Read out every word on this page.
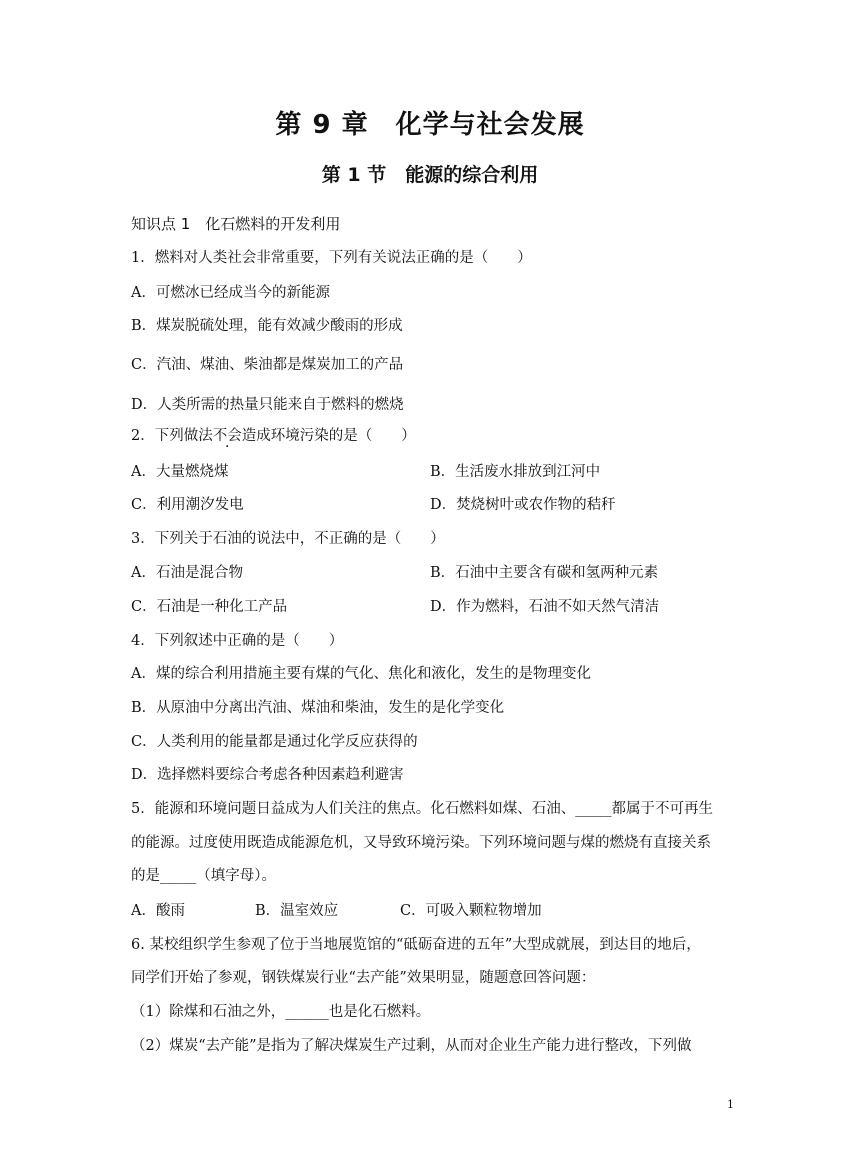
第 9 章　化学与社会发展
第 1 节　能源的综合利用
知识点 1　化石燃料的开发利用
1．燃料对人类社会非常重要，下列有关说法正确的是（　　）
A．可燃冰已经成当今的新能源
B．煤炭脱硫处理，能有效减少酸雨的形成
C．汽油、煤油、柴油都是煤炭加工的产品
D．人类所需的热量只能来自于燃料的燃烧
2．下列做法不会造成环境污染的是（　　）
A．大量燃烧煤	B．生活废水排放到江河中
C．利用潮汐发电	D．焚烧树叶或农作物的秸秆
3．下列关于石油的说法中，不正确的是（　　）
A．石油是混合物	B．石油中主要含有碳和氢两种元素
C．石油是一种化工产品	D．作为燃料，石油不如天然气清洁
4．下列叙述中正确的是（　　）
A．煤的综合利用措施主要有煤的气化、焦化和液化，发生的是物理变化
B．从原油中分离出汽油、煤油和柴油，发生的是化学变化
C．人类利用的能量都是通过化学反应获得的
D．选择燃料要综合考虑各种因素趋利避害
5．能源和环境问题日益成为人们关注的焦点。化石燃料如煤、石油、_____都属于不可再生
的能源。过度使用既造成能源危机，又导致环境污染。下列环境问题与煤的燃烧有直接关系
的是_____（填字母）。
A．酸雨	B．温室效应	C．可吸入颗粒物增加
6. 某校组织学生参观了位于当地展览馆的“砥砺奋进的五年”大型成就展，到达目的地后，
同学们开始了参观，钢铁煤炭行业“去产能”效果明显，随题意回答问题：
（1）除煤和石油之外，______也是化石燃料。
（2）煤炭“去产能”是指为了解决煤炭生产过剩，从而对企业生产能力进行整改，下列做
1
